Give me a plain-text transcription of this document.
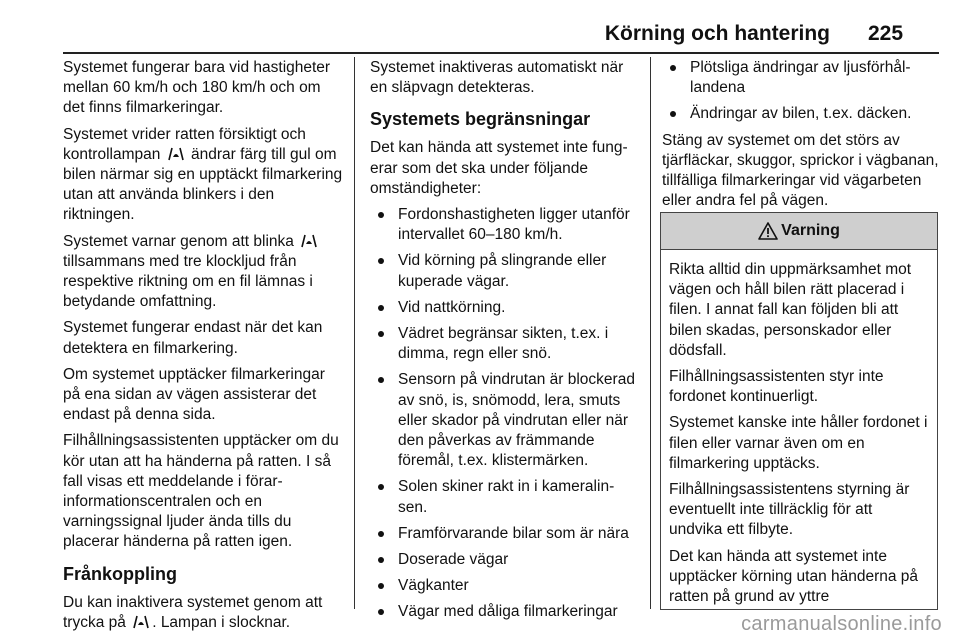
Körning och hantering 225

Systemet fungerar bara vid hastigheter mellan 60 km/h och 180 km/h och om det finns filmarkeringar.

Systemet vrider ratten försiktigt och kontrollampan ändrar färg till gul om bilen närmar sig en upptäckt filmarkering utan att använda blinkers i den riktningen.

Systemet varnar genom att blinka  tillsammans med tre klockljud från respektive riktning om en fil lämnas i betydande omfattning.

Systemet fungerar endast när det kan detektera en filmarkering.

Om systemet upptäcker filmarkeringar på ena sidan av vägen assisterar det endast på denna sida.

Filhållningsassistenten upptäcker om du kör utan att ha händerna på ratten. I så fall visas ett meddelande i förarinformationscentralen och en varningssignal ljuder ända tills du placerar händerna på ratten igen.

Frånkoppling

Du kan inaktivera systemet genom att trycka på . Lampan i slocknar.

Systemet inaktiveras automatiskt när en släpvagn detekteras.

Systemets begränsningar

Det kan hända att systemet inte fungerar som det ska under följande omständigheter:

Fordonshastigheten ligger utanför intervallet 60–180 km/h.
Vid körning på slingrande eller kuperade vägar.
Vid nattkörning.
Vädret begränsar sikten, t.ex. i dimma, regn eller snö.
Sensorn på vindrutan är blockerad av snö, is, snömodd, lera, smuts eller skador på vindrutan eller när den påverkas av främmande föremål, t.ex. klistermärken.
Solen skiner rakt in i kameralinsen.
Framförvarande bilar som är nära
Doserade vägar
Vägkanter
Vägar med dåliga filmarkeringar
Plötsliga ändringar av ljusförhållandena
Ändringar av bilen, t.ex. däcken.

Stäng av systemet om det störs av tjärfläckar, skuggor, sprickor i vägbanan, tillfälliga filmarkeringar vid vägarbeten eller andra fel på vägen.

Varning

Rikta alltid din uppmärksamhet mot vägen och håll bilen rätt placerad i filen. I annat fall kan följden bli att bilen skadas, personskador eller dödsfall.

Filhållningsassistenten styr inte fordonet kontinuerligt.

Systemet kanske inte håller fordonet i filen eller varnar även om en filmarkering upptäcks.

Filhållningsassistentens styrning är eventuellt inte tillräcklig för att undvika ett filbyte.

Det kan hända att systemet inte upptäcker körning utan händerna på ratten på grund av yttre

carmanualsonline.info
